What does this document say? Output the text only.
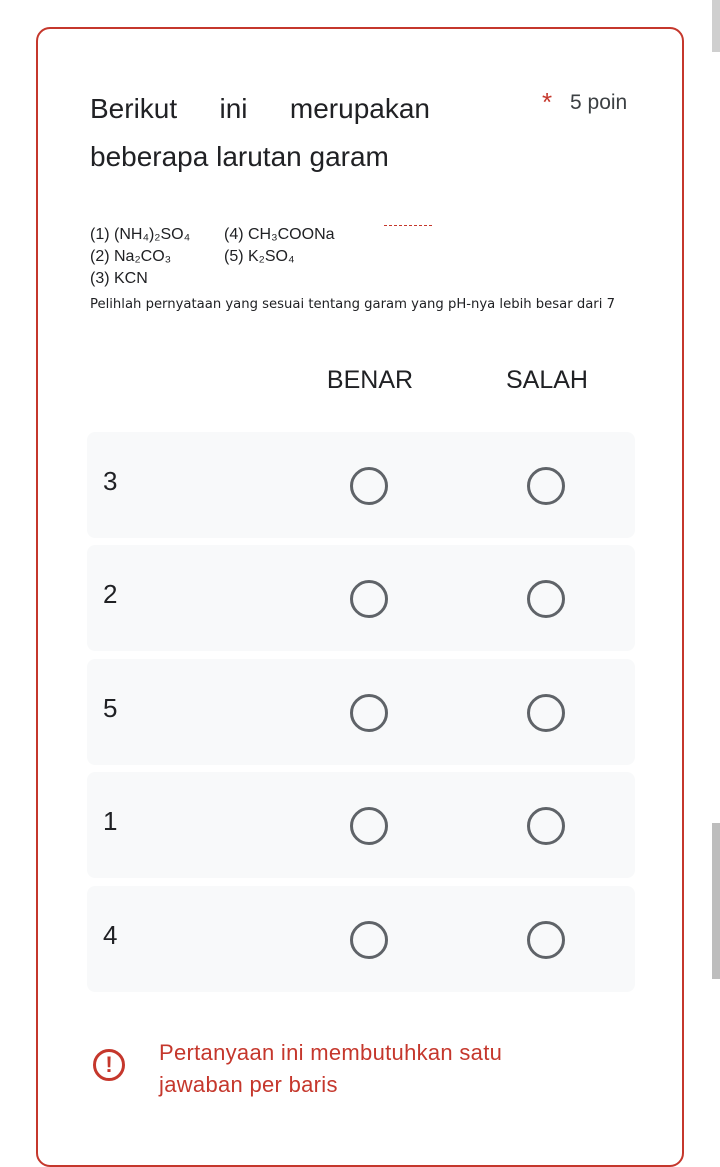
Berikut ini merupakan beberapa larutan garam
* 5 poin
(1) (NH₄)₂SO₄ (4) CH₃COONa
(2) Na₂CO₃	(5) K₂SO₄
(3) KCN
Pelihlah pernyataan yang sesuai tentang garam yang pH-nya lebih besar dari 7
BENAR	SALAH
3
2
5
1
4
!	Pertanyaan ini membutuhkan satu jawaban per baris
